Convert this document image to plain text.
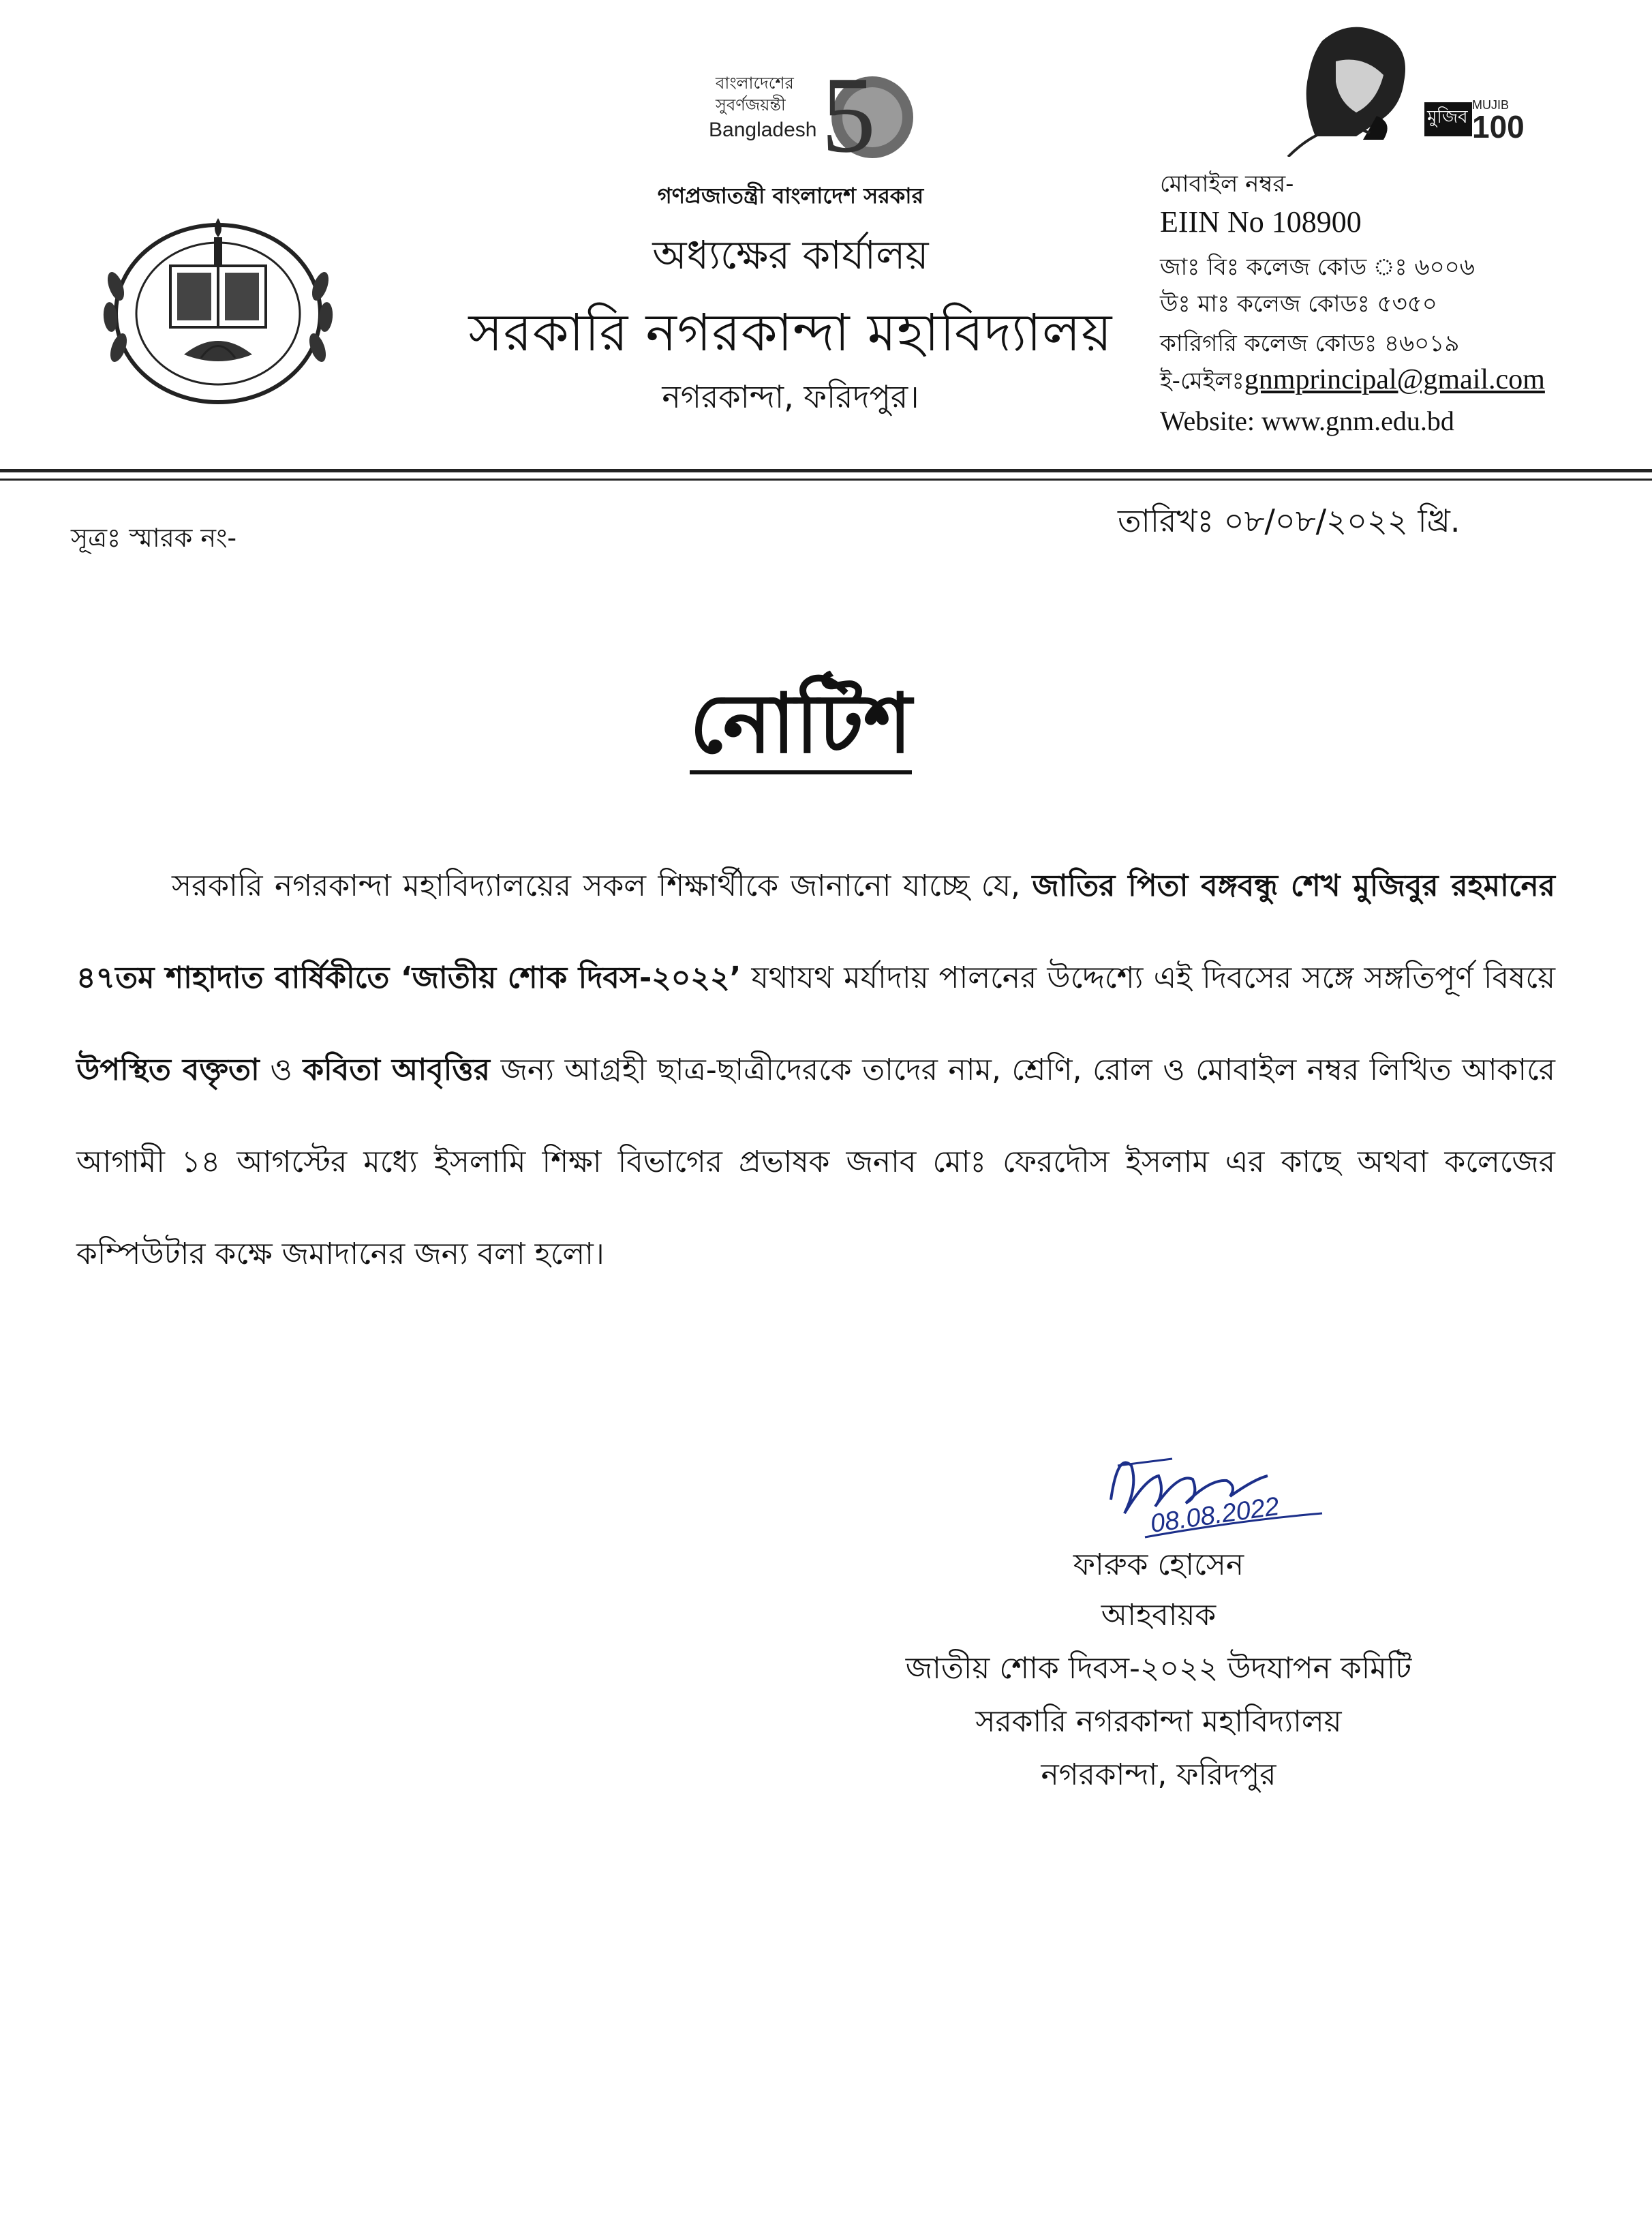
5
বাংলাদেশের
সুবর্ণজয়ন্তী
Bangladesh
মুজিব
MUJIB
100
গণপ্রজাতন্ত্রী বাংলাদেশ সরকার
অধ্যক্ষের কার্যালয়
সরকারি নগরকান্দা মহাবিদ্যালয়
নগরকান্দা, ফরিদপুর।
মোবাইল নম্বর-
EIIN No 108900
জাঃ বিঃ কলেজ কোড ঃ ৬০০৬
উঃ মাঃ কলেজ কোডঃ ৫৩৫০
কারিগরি কলেজ কোডঃ ৪৬০১৯
ই-মেইলঃgnmprincipal@gmail.com
Website: www.gnm.edu.bd
সূত্রঃ স্মারক নং-	তারিখঃ ০৮/০৮/২০২২ খ্রি.
নোটিশ
সরকারি নগরকান্দা মহাবিদ্যালয়ের সকল শিক্ষার্থীকে জানানো যাচ্ছে যে, জাতির পিতা বঙ্গবন্ধু শেখ মুজিবুর রহমানের ৪৭তম শাহাদাত বার্ষিকীতে ‘জাতীয় শোক দিবস-২০২২’ যথাযথ মর্যাদায় পালনের উদ্দেশ্যে এই দিবসের সঙ্গে সঙ্গতিপূর্ণ বিষয়ে উপস্থিত বক্তৃতা ও কবিতা আবৃত্তির জন্য আগ্রহী ছাত্র-ছাত্রীদেরকে তাদের নাম, শ্রেণি, রোল ও মোবাইল নম্বর লিখিত আকারে আগামী ১৪ আগস্টের মধ্যে ইসলামি শিক্ষা বিভাগের প্রভাষক জনাব মোঃ ফেরদৌস ইসলাম এর কাছে অথবা কলেজের কম্পিউটার কক্ষে জমাদানের জন্য বলা হলো।
08.08.2022
ফারুক হোসেন
আহবায়ক
জাতীয় শোক দিবস-২০২২ উদযাপন কমিটি
সরকারি নগরকান্দা মহাবিদ্যালয়
নগরকান্দা, ফরিদপুর
